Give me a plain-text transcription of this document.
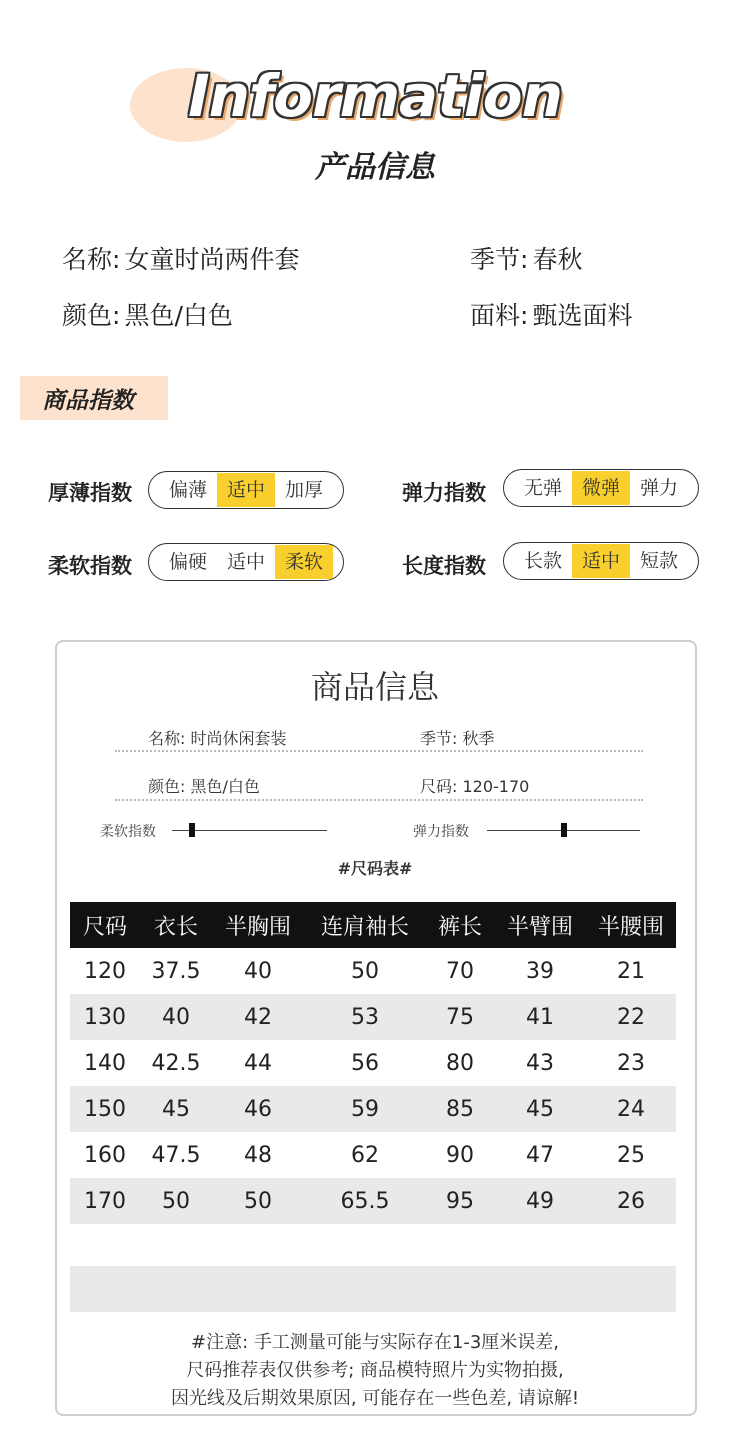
Information
产品信息
名称: 女童时尚两件套	季节: 春秋
颜色: 黑色/白色	面料: 甄选面料
商品指数
厚薄指数	偏薄	适中	加厚	弹力指数	无弹	微弹	弹力
柔软指数	偏硬	适中	柔软	长度指数	长款	适中	短款
商品信息
名称: 时尚休闲套装	季节: 秋季
颜色: 黑色/白色	尺码: 120-170
柔软指数	弹力指数
#尺码表#
尺码	衣长	半胸围	连肩袖长	裤长	半臂围	半腰围
120	37.5	40	50	70	39	21
130	40	42	53	75	41	22
140	42.5	44	56	80	43	23
150	45	46	59	85	45	24
160	47.5	48	62	90	47	25
170	50	50	65.5	95	49	26
#注意: 手工测量可能与实际存在1-3厘米误差,
尺码推荐表仅供参考; 商品模特照片为实物拍摄,
因光线及后期效果原因, 可能存在一些色差, 请谅解!
